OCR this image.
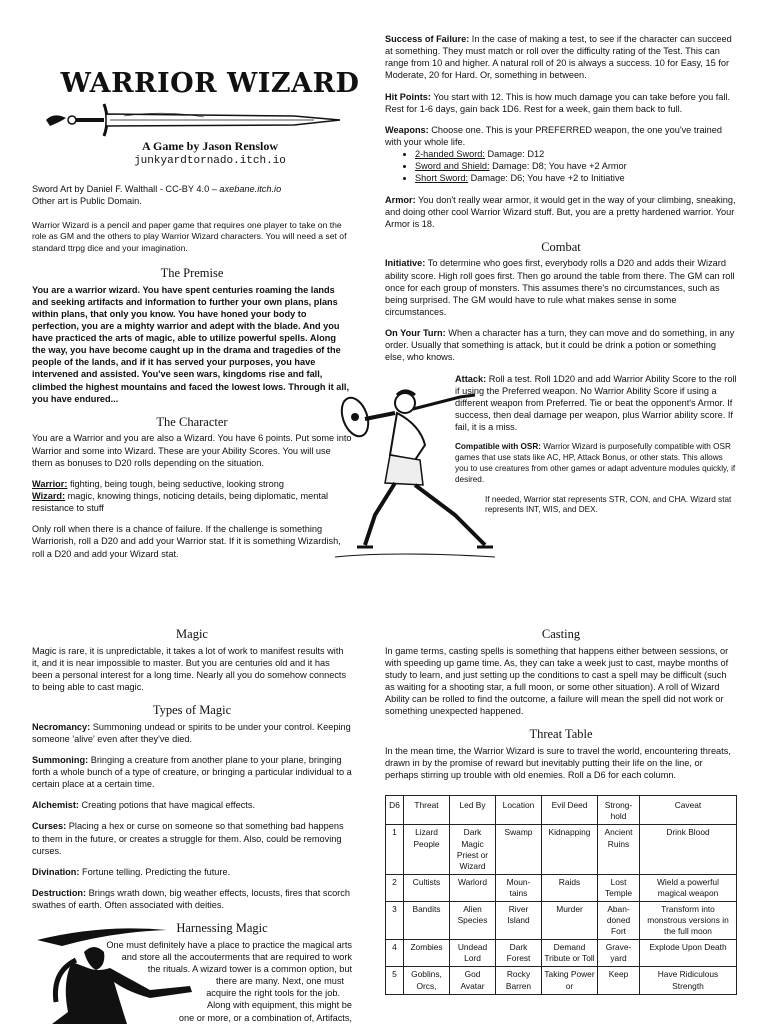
WARRIOR WIZARD
A Game by Jason Renslow
junkyardtornado.itch.io
Sword Art by Daniel F. Walthall - CC-BY 4.0 – axebane.itch.io
Other art is Public Domain.
Warrior Wizard is a pencil and paper game that requires one player to take on the role as GM and the others to play Warrior Wizard characters. You will need a set of standard ttrpg dice and your imagination.
The Premise

You are a warrior wizard. You have spent centuries roaming the lands and seeking artifacts and information to further your own plans, plans within plans, that only you know. You have honed your body to perfection, you are a mighty warrior and adept with the blade. And you have practiced the arts of magic, able to utilize powerful spells. Along the way, you have become caught up in the drama and tragedies of the people of the lands, and if it has served your purposes, you have intervened and assisted. You've seen wars, kingdoms rise and fall, climbed the highest mountains and faced the lowest lows. Through it all, you have endured...

The Character

You are a Warrior and you are also a Wizard. You have 6 points. Put some into Warrior and some into Wizard. These are your Ability Scores. You will use them as bonuses to D20 rolls depending on the situation.

Warrior: fighting, being tough, being seductive, looking strong

Wizard: magic, knowing things, noticing details, being diplomatic, mental resistance to stuff

Only roll when there is a chance of failure. If the challenge is something Warriorish, roll a D20 and add your Warrior stat. If it is something Wizardish, roll a D20 and add your Wizard stat.

Success of Failure: In the case of making a test, to see if the character can succeed at something. They must match or roll over the difficulty rating of the Test. This can range from 10 and higher. A natural roll of 20 is always a success. 10 for Easy, 15 for Moderate, 20 for Hard. Or, something in between.

Hit Points: You start with 12. This is how much damage you can take before you fall. Rest for 1-6 days, gain back 1D6. Rest for a week, gain them back to full.

Weapons: Choose one. This is your PREFERRED weapon, the one you've trained with your whole life.
• 2-handed Sword: Damage: D12
• Sword and Shield: Damage: D8; You have +2 Armor
• Short Sword: Damage: D6; You have +2 to Initiative

Armor: You don't really wear armor, it would get in the way of your climbing, sneaking, and doing other cool Warrior Wizard stuff. But, you are a pretty hardened warrior. Your Armor is 18.

Combat

Initiative: To determine who goes first, everybody rolls a D20 and adds their Wizard ability score. High roll goes first. Then go around the table from there. The GM can roll once for each group of monsters. This assumes there's no circumstances, such as being surprised. The GM would have to rule what makes sense in some circumstances.

On Your Turn: When a character has a turn, they can move and do something, in any order. Usually that something is attack, but it could be drink a potion or something else, who knows.

Attack: Roll a test. Roll 1D20 and add Warrior Ability Score to the roll if using the Preferred weapon. No Warrior Ability Score if using a different weapon from Preferred. Tie or beat the opponent's Armor. If success, then deal damage per weapon, plus Warrior ability score. If fail, it is a miss.

Compatible with OSR: Warrior Wizard is purposefully compatible with OSR games that use stats like AC, HP, Attack Bonus, or other stats. This allows you to use creatures from other games or adapt adventure modules quickly, if desired.

If needed, Warrior stat represents STR, CON, and CHA. Wizard stat represents INT, WIS, and DEX.

Magic

Magic is rare, it is unpredictable, it takes a lot of work to manifest results with it, and it is near impossible to master. But you are centuries old and it has been a personal interest for a long time. Nearly all you do somehow connects to being able to cast magic.

Types of Magic

Necromancy: Summoning undead or spirits to be under your control. Keeping someone 'alive' even after they've died.

Summoning: Bringing a creature from another plane to your plane, bringing forth a whole bunch of a type of creature, or bringing a particular individual to a certain place at a certain time.

Alchemist: Creating potions that have magical effects.

Curses: Placing a hex or curse on someone so that something bad happens to them in the future, or creates a struggle for them. Also, could be removing curses.

Divination: Fortune telling. Predicting the future.

Destruction: Brings wrath down, big weather effects, locusts, fires that scorch swathes of earth. Often associated with deities.

Harnessing Magic
One must definitely have a place to practice the magical arts
and store all the accouterments that are required to work
the rituals. A wizard tower is a common option, but
there are many. Next, one must
acquire the right tools for the job.
Along with equipment, this might be
one or more, or a combination of, Artifacts,
Casting

In game terms, casting spells is something that happens either between sessions, or with speeding up game time. As, they can take a week just to cast, maybe months of study to learn, and just setting up the conditions to cast a spell may be difficult (such as waiting for a shooting star, a full moon, or some other situation). A roll of Wizard Ability can be rolled to find the outcome, a failure will mean the spell did not work or something unexpected happened.

Threat Table

In the mean time, the Warrior Wizard is sure to travel the world, encountering threats, drawn in by the promise of reward but inevitably putting their life on the line, or perhaps stirring up trouble with old enemies. Roll a D6 for each column.

D6	Threat	Led By	Location	Evil Deed	Strong-hold	Caveat
1	Lizard People	Dark Magic Priest or Wizard	Swamp	Kidnapping	Ancient Ruins	Drink Blood
2	Cultists	Warlord	Moun-tains	Raids	Lost Temple	Wield a powerful magical weapon
3	Bandits	Alien Species	River Island	Murder	Aban-doned Fort	Transform into monstrous versions in the full moon
4	Zombies	Undead Lord	Dark Forest	Demand Tribute or Toll	Grave-yard	Explode Upon Death
5	Goblins, Orcs,	God Avatar	Rocky Barren	Taking Power or	Keep	Have Ridiculous Strength
